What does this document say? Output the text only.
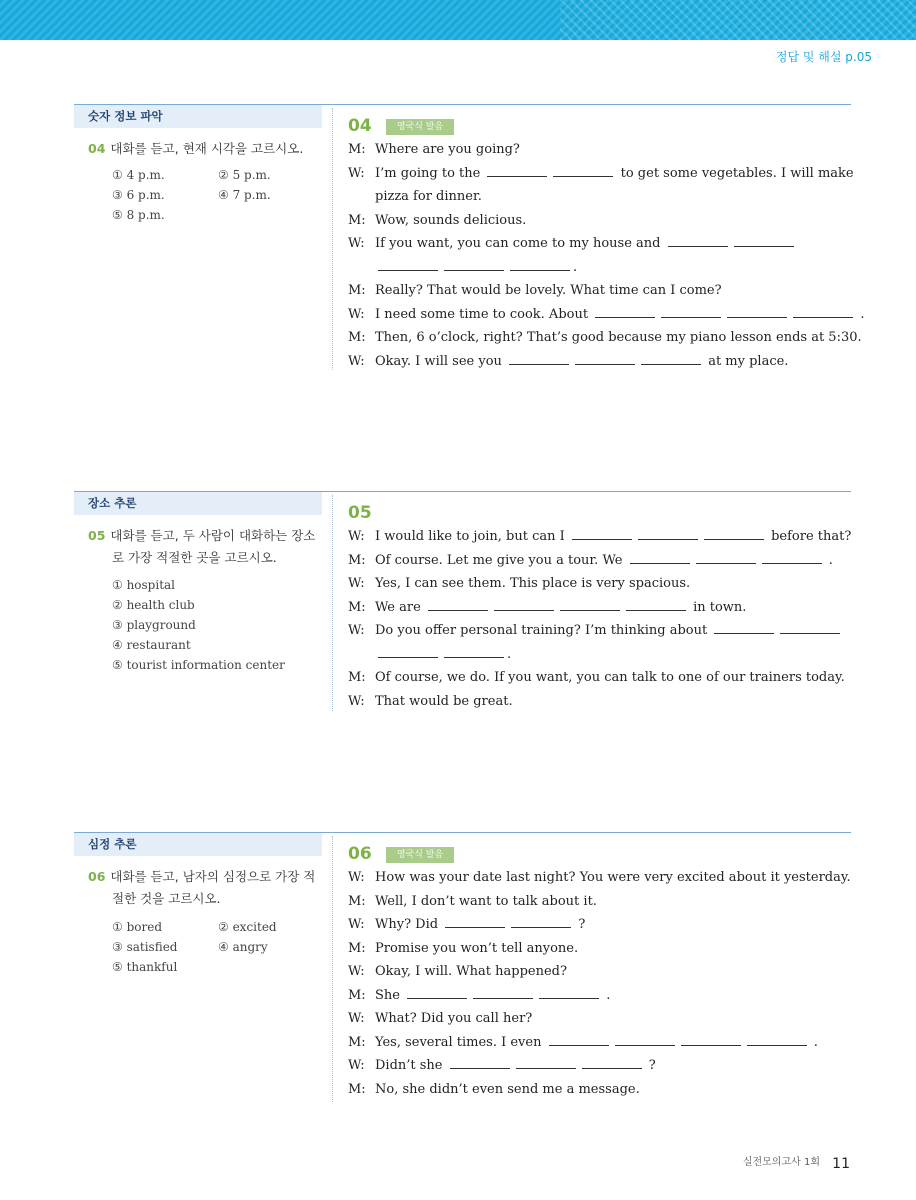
정답 및 해설 p.05
숫자 정보 파악
04 대화를 듣고, 현재 시각을 고르시오.
① 4 p.m.	② 5 p.m.
③ 6 p.m.	④ 7 p.m.
⑤ 8 p.m.
04	영국식 발음
M: Where are you going?
W: I’m going to the	to get some vegetables. I will make
pizza for dinner.
M: Wow, sounds delicious.
W: If you want, you can come to my house and
.
M: Really? That would be lovely. What time can I come?
W: I need some time to cook. About	.
M: Then, 6 o’clock, right? That’s good because my piano lesson ends at 5:30.
W: Okay. I will see you	at my place.
장소 추론
05 대화를 듣고, 두 사람이 대화하는 장소
로 가장 적절한 곳을 고르시오.
① hospital
② health club
③ playground
④ restaurant
⑤ tourist information center
05
W: I would like to join, but can I	before that?
M: Of course. Let me give you a tour. We	.
W: Yes, I can see them. This place is very spacious.
M: We are	in town.
W: Do you offer personal training? I’m thinking about
.
M: Of course, we do. If you want, you can talk to one of our trainers today.
W: That would be great.
심정 추론
06 대화를 듣고, 남자의 심정으로 가장 적
절한 것을 고르시오.
① bored	② excited
③ satisfied	④ angry
⑤ thankful
06	영국식 발음
W: How was your date last night? You were very excited about it yesterday.
M: Well, I don’t want to talk about it.
W: Why? Did	?
M: Promise you won’t tell anyone.
W: Okay, I will. What happened?
M: She	.
W: What? Did you call her?
M: Yes, several times. I even	.
W: Didn’t she	?
M: No, she didn’t even send me a message.
실전모의고사 1회 11
